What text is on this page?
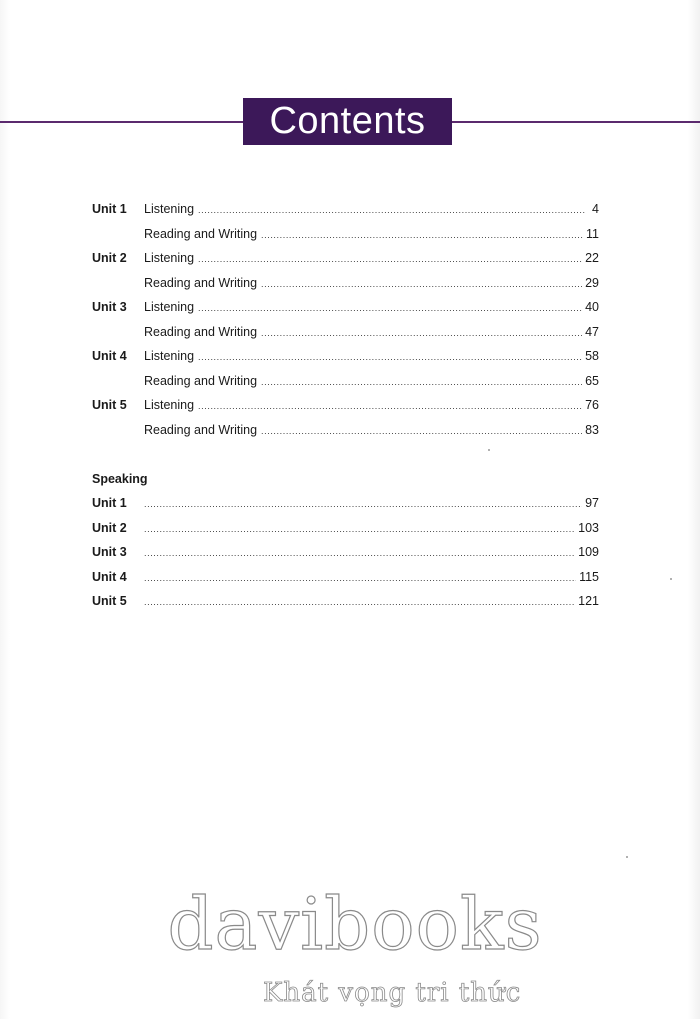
Contents
Unit 1 Listening .....	4
Reading and Writing .....	11
Unit 2 Listening .....	22
Reading and Writing .....	29
Unit 3 Listening .....	40
Reading and Writing .....	47
Unit 4 Listening .....	58
Reading and Writing .....	65
Unit 5 Listening .....	76
Reading and Writing .....	83
Speaking
Unit 1 .....	97
Unit 2 .....	103
Unit 3 .....	109
Unit 4 .....	115
Unit 5 .....	121
davibooks
Khát vọng tri thức
